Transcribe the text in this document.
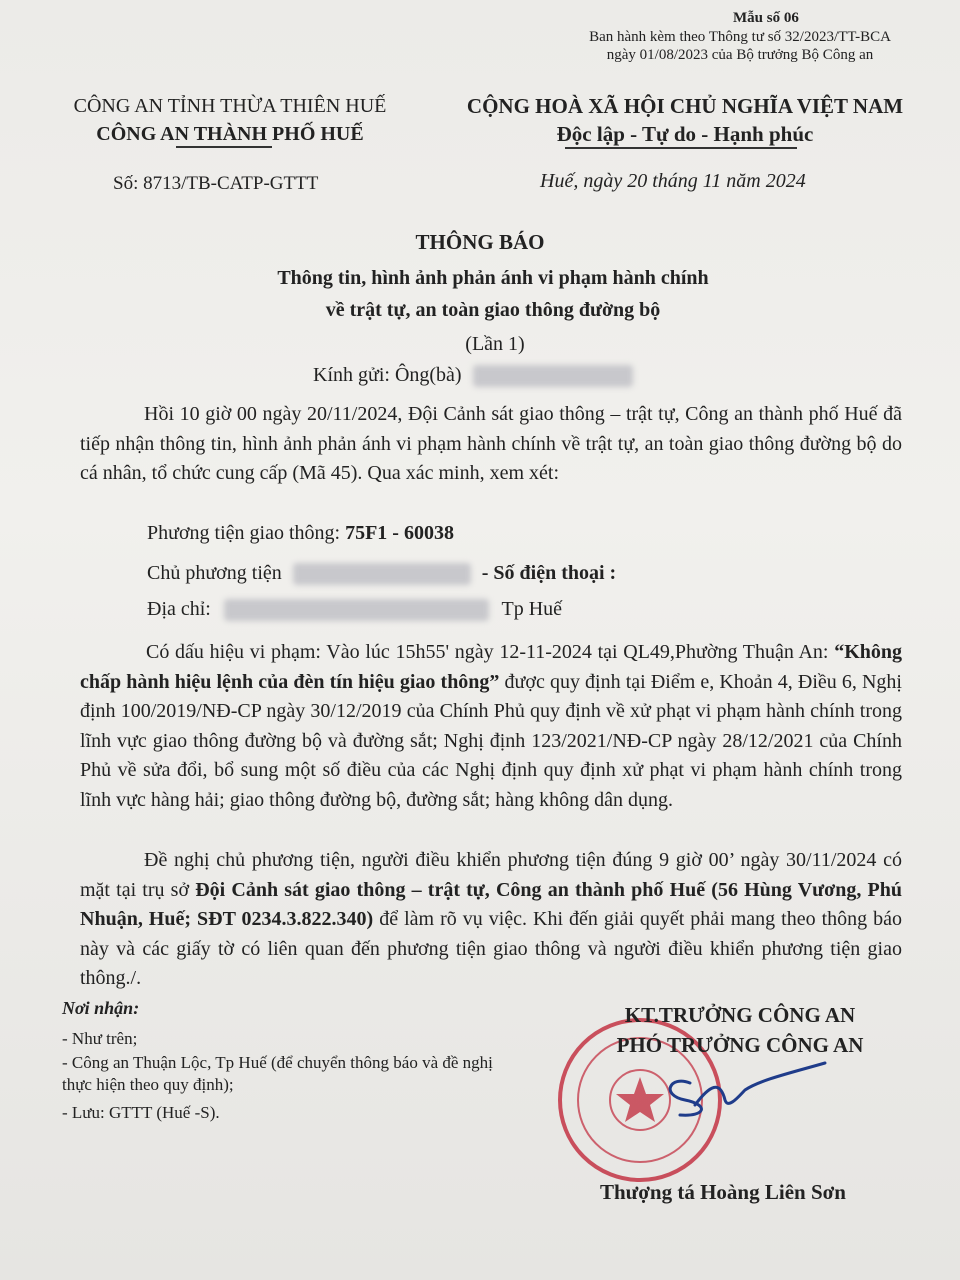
Mẫu số 06
Ban hành kèm theo Thông tư số 32/2023/TT-BCA
ngày 01/08/2023 của Bộ trưởng Bộ Công an
CÔNG AN TỈNH THỪA THIÊN HUẾ
CÔNG AN THÀNH PHỐ HUẾ
CỘNG HOÀ XÃ HỘI CHỦ NGHĨA VIỆT NAM
Độc lập - Tự do - Hạnh phúc
Số: 8713/TB-CATP-GTTT	Huế, ngày 20 tháng 11 năm 2024
THÔNG BÁO
Thông tin, hình ảnh phản ánh vi phạm hành chính
về trật tự, an toàn giao thông đường bộ
(Lần 1)
Kính gửi: Ông(bà)
Hồi 10 giờ 00 ngày 20/11/2024, Đội Cảnh sát giao thông – trật tự, Công an thành phố Huế đã tiếp nhận thông tin, hình ảnh phản ánh vi phạm hành chính về trật tự, an toàn giao thông đường bộ do cá nhân, tổ chức cung cấp (Mã 45). Qua xác minh, xem xét:
Phương tiện giao thông: 75F1 - 60038
Chủ phương tiện	- Số điện thoại :
Địa chỉ:	Tp Huế
Có dấu hiệu vi phạm: Vào lúc 15h55' ngày 12-11-2024 tại QL49,Phường Thuận An: “Không chấp hành hiệu lệnh của đèn tín hiệu giao thông” được quy định tại Điểm e, Khoản 4, Điều 6, Nghị định 100/2019/NĐ-CP ngày 30/12/2019 của Chính Phủ quy định về xử phạt vi phạm hành chính trong lĩnh vực giao thông đường bộ và đường sắt; Nghị định 123/2021/NĐ-CP ngày 28/12/2021 của Chính Phủ về sửa đổi, bổ sung một số điều của các Nghị định quy định xử phạt vi phạm hành chính trong lĩnh vực hàng hải; giao thông đường bộ, đường sắt; hàng không dân dụng.
Đề nghị chủ phương tiện, người điều khiển phương tiện đúng 9 giờ 00’ ngày 30/11/2024 có mặt tại trụ sở Đội Cảnh sát giao thông – trật tự, Công an thành phố Huế (56 Hùng Vương, Phú Nhuận, Huế; SĐT 0234.3.822.340) để làm rõ vụ việc. Khi đến giải quyết phải mang theo thông báo này và các giấy tờ có liên quan đến phương tiện giao thông và người điều khiển phương tiện giao thông./.
Nơi nhận:
- Như trên;
- Công an Thuận Lộc, Tp Huế (để chuyển thông báo và đề nghị thực hiện theo quy định);
- Lưu: GTTT (Huế -S).
KT.TRƯỞNG CÔNG AN
PHÓ TRƯỞNG CÔNG AN
Thượng tá Hoàng Liên Sơn
